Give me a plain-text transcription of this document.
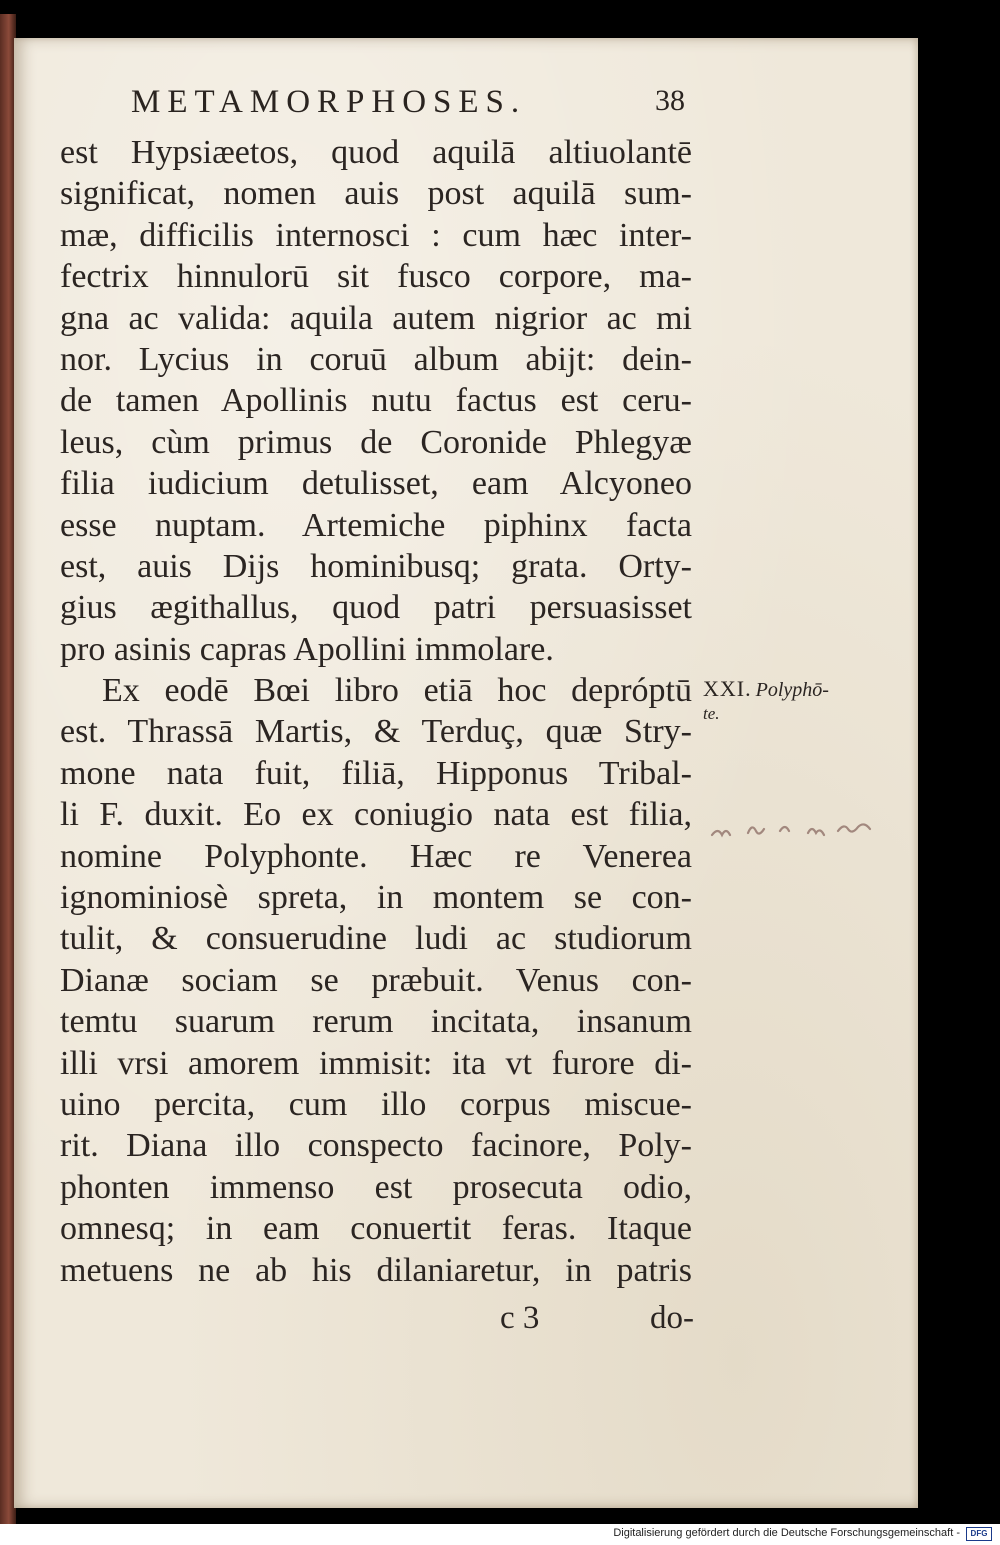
METAMORPHOSES.	38
est Hypsiæetos, quod aquilā altiuolantē
significat, nomen auis post aquilā sum-
mæ, difficilis internosci : cum hæc inter-
fectrix hinnulorū sit fusco corpore, ma-
gna ac valida: aquila autem nigrior ac mi
nor. Lycius in coruū album abijt: dein-
de tamen Apollinis nutu factus est ceru-
leus, cùm primus de Coronide Phlegyæ
filia iudicium detulisset, eam Alcyoneo
esse nuptam. Artemiche piphinx facta
est, auis Dijs hominibusq; grata. Orty-
gius ægithallus, quod patri persuasisset
pro asinis capras Apollini immolare.
Ex eodē Bœi libro etiā hoc depróptū
est. Thrassā Martis, & Terduç, quæ Stry-
mone nata fuit, filiā, Hipponus Tribal-
li F. duxit. Eo ex coniugio nata est filia,
nomine Polyphonte. Hæc re Venerea
ignominiosè spreta, in montem se con-
tulit, & consuerudine ludi ac studiorum
Dianæ sociam se præbuit. Venus con-
temtu suarum rerum incitata, insanum
illi vrsi amorem immisit: ita vt furore di-
uino percita, cum illo corpus miscue-
rit. Diana illo conspecto facinore, Poly-
phonten immenso est prosecuta odio,
omnesq; in eam conuertit feras. Itaque
metuens ne ab his dilaniaretur, in patris
c 3	do-
XXI. Polyphō-
te.
Digitalisierung gefördert durch die Deutsche Forschungsgemeinschaft -	DFG
